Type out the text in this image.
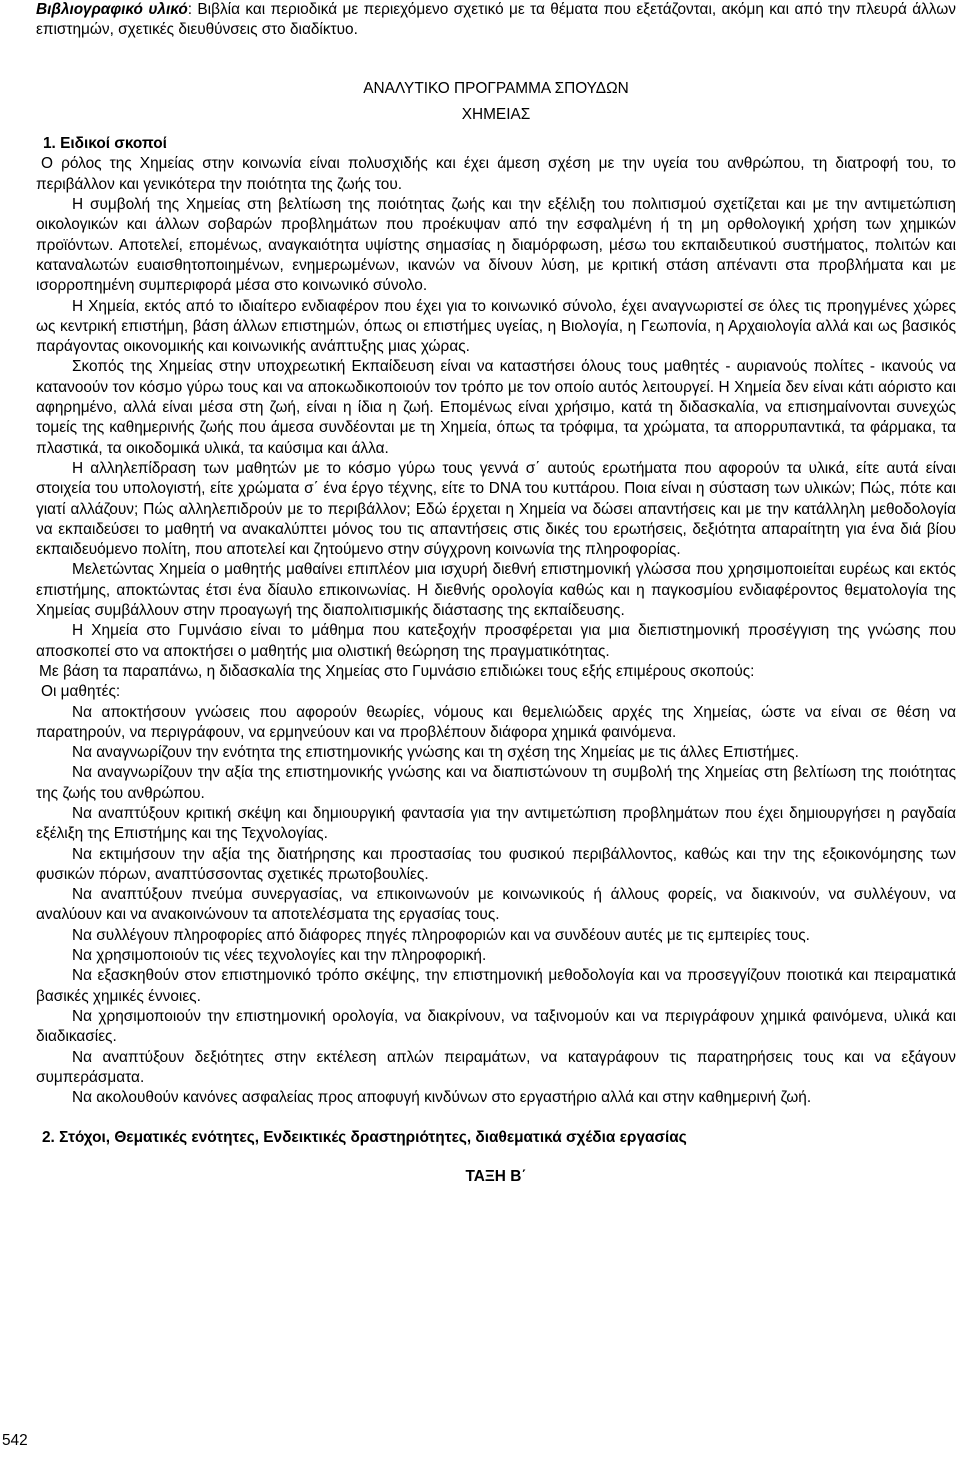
Βιβλιογραφικό υλικό: Βιβλία και περιοδικά με περιεχόμενο σχετικό με τα θέματα που εξετάζονται, ακόμη και από την πλευρά άλλων επιστημών, σχετικές διευθύνσεις στο διαδίκτυο.

ΑΝΑΛΥΤΙΚΟ ΠΡΟΓΡΑΜΜΑ ΣΠΟΥΔΩΝ

ΧΗΜΕΙΑΣ

1. Ειδικοί σκοποί

Ο ρόλος της Χημείας στην κοινωνία είναι πολυσχιδής και έχει άμεση σχέση με την υγεία του ανθρώπου, τη διατροφή του, το περιβάλλον και γενικότερα την ποιότητα της ζωής του.

Η συμβολή της Χημείας στη βελτίωση της ποιότητας ζωής και την εξέλιξη του πολιτισμού σχετίζεται και με την αντιμετώπιση οικολογικών και άλλων σοβαρών προβλημάτων που προέκυψαν από την εσφαλμένη ή τη μη ορθολογική χρήση των χημικών προϊόντων. Αποτελεί, επομένως, αναγκαιότητα υψίστης σημασίας η διαμόρφωση, μέσω του εκπαιδευτικού συστήματος, πολιτών και καταναλωτών ευαισθητοποιημένων, ενημερωμένων, ικανών να δίνουν λύση, με κριτική στάση απέναντι στα προβλήματα και με ισορροπημένη συμπεριφορά μέσα στο κοινωνικό σύνολο.

Η Χημεία, εκτός από το ιδιαίτερο ενδιαφέρον που έχει για το κοινωνικό σύνολο, έχει αναγνωριστεί σε όλες τις προηγμένες χώρες ως κεντρική επιστήμη, βάση άλλων επιστημών, όπως οι επιστήμες υγείας, η Βιολογία, η Γεωπονία, η Αρχαιολογία αλλά και ως βασικός παράγοντας οικονομικής και κοινωνικής ανάπτυξης μιας χώρας.

Σκοπός της Χημείας στην υποχρεωτική Εκπαίδευση είναι να καταστήσει όλους τους μαθητές - αυριανούς πολίτες - ικανούς να κατανοούν τον κόσμο γύρω τους και να αποκωδικοποιούν τον τρόπο με τον οποίο αυτός λειτουργεί. Η Χημεία δεν είναι κάτι αόριστο και αφηρημένο, αλλά είναι μέσα στη ζωή, είναι η ίδια η ζωή. Επομένως είναι χρήσιμο, κατά τη διδασκαλία, να επισημαίνονται συνεχώς τομείς της καθημερινής ζωής που άμεσα συνδέονται με τη Χημεία, όπως τα τρόφιμα, τα χρώματα, τα απορρυπαντικά, τα φάρμακα, τα πλαστικά, τα οικοδομικά υλικά, τα καύσιμα και άλλα.

Η αλληλεπίδραση των μαθητών με το κόσμο γύρω τους γεννά σ΄ αυτούς ερωτήματα που αφορούν τα υλικά, είτε αυτά είναι στοιχεία του υπολογιστή, είτε χρώματα σ΄ ένα έργο τέχνης, είτε το DNA του κυττάρου. Ποια είναι η σύσταση των υλικών; Πώς, πότε και γιατί αλλάζουν; Πώς αλληλεπιδρούν με το περιβάλλον; Εδώ έρχεται η Χημεία να δώσει απαντήσεις και με την κατάλληλη μεθοδολογία να εκπαιδεύσει το μαθητή να ανακαλύπτει μόνος του τις απαντήσεις στις δικές του ερωτήσεις, δεξιότητα απαραίτητη για ένα διά βίου εκπαιδευόμενο πολίτη, που αποτελεί και ζητούμενο στην σύγχρονη κοινωνία της πληροφορίας.

Μελετώντας Χημεία ο μαθητής μαθαίνει επιπλέον μια ισχυρή διεθνή επιστημονική γλώσσα που χρησιμοποιείται ευρέως και εκτός επιστήμης, αποκτώντας έτσι ένα δίαυλο επικοινωνίας. Η διεθνής ορολογία καθώς και η παγκοσμίου ενδιαφέροντος θεματολογία της Χημείας συμβάλλουν στην προαγωγή της διαπολιτισμικής διάστασης της εκπαίδευσης.

Η Χημεία στο Γυμνάσιο είναι το μάθημα που κατεξοχήν προσφέρεται για μια διεπιστημονική προσέγγιση της γνώσης που αποσκοπεί στο να αποκτήσει ο μαθητής μια ολιστική θεώρηση της πραγματικότητας.

Με βάση τα παραπάνω, η διδασκαλία της Χημείας στο Γυμνάσιο επιδιώκει τους εξής επιμέρους σκοπούς:

Οι μαθητές:

Να αποκτήσουν γνώσεις που αφορούν θεωρίες, νόμους και θεμελιώδεις αρχές της Χημείας, ώστε να είναι σε θέση να παρατηρούν, να περιγράφουν, να ερμηνεύουν και να προβλέπουν διάφορα χημικά φαινόμενα.

Να αναγνωρίζουν την ενότητα της επιστημονικής γνώσης και τη σχέση της Χημείας με τις άλλες Επιστήμες.

Να αναγνωρίζουν την αξία της επιστημονικής γνώσης και να διαπιστώνουν τη συμβολή της Χημείας στη βελτίωση της ποιότητας της ζωής του ανθρώπου.

Να αναπτύξουν κριτική σκέψη και δημιουργική φαντασία για την αντιμετώπιση προβλημάτων που έχει δημιουργήσει η ραγδαία εξέλιξη της Επιστήμης και της Τεχνολογίας.

Να εκτιμήσουν την αξία της διατήρησης και προστασίας του φυσικού περιβάλλοντος, καθώς και την της εξοικονόμησης των φυσικών πόρων, αναπτύσσοντας σχετικές πρωτοβουλίες.

Να αναπτύξουν πνεύμα συνεργασίας, να επικοινωνούν με κοινωνικούς ή άλλους φορείς, να διακινούν, να συλλέγουν, να αναλύουν και να ανακοινώνουν τα αποτελέσματα της εργασίας τους.

Να συλλέγουν πληροφορίες από διάφορες πηγές πληροφοριών και να συνδέουν αυτές με τις εμπειρίες τους.

Να χρησιμοποιούν τις νέες τεχνολογίες και την πληροφορική.

Να εξασκηθούν στον επιστημονικό τρόπο σκέψης, την επιστημονική μεθοδολογία και να προσεγγίζουν ποιοτικά και πειραματικά βασικές χημικές έννοιες.

Να χρησιμοποιούν την επιστημονική ορολογία, να διακρίνουν, να ταξινομούν και να περιγράφουν χημικά φαινόμενα, υλικά και διαδικασίες.

Να αναπτύξουν δεξιότητες στην εκτέλεση απλών πειραμάτων, να καταγράφουν τις παρατηρήσεις τους και να εξάγουν συμπεράσματα.

Να ακολουθούν κανόνες ασφαλείας προς αποφυγή κινδύνων στο εργαστήριο αλλά και στην καθημερινή ζωή.

2. Στόχοι, Θεματικές ενότητες, Ενδεικτικές δραστηριότητες, διαθεματικά σχέδια εργασίας

ΤΑΞΗ Β΄

542
